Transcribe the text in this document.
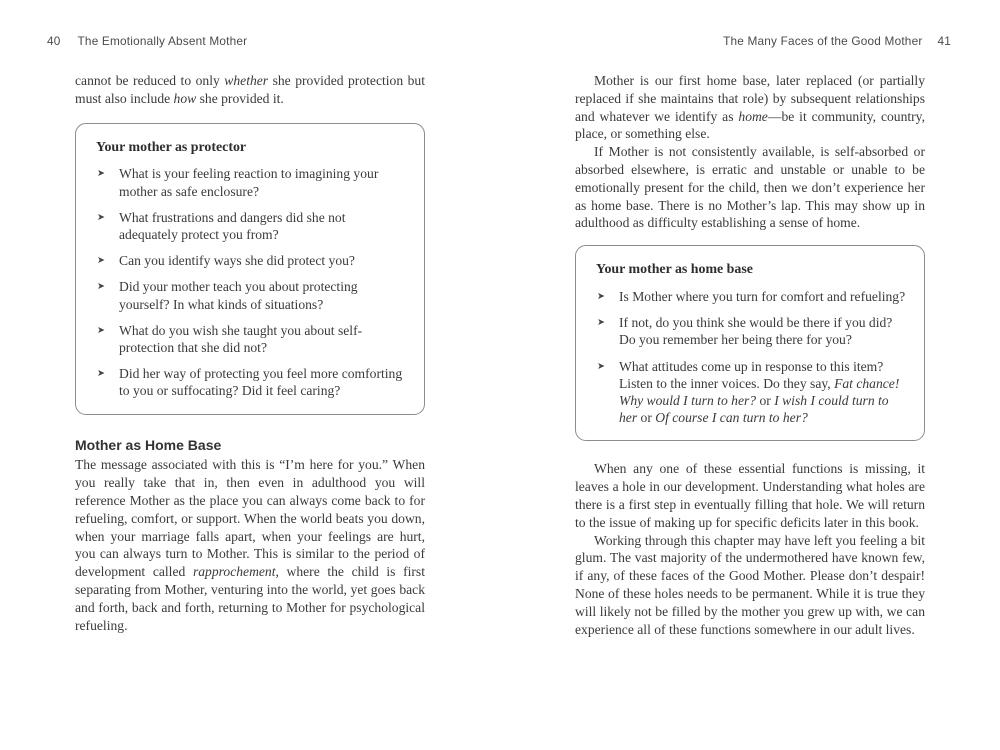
40 The Emotionally Absent Mother	The Many Faces of the Good Mother 41

cannot be reduced to only whether she provided protection but must also include how she provided it.

Your mother as protector
➤ What is your feeling reaction to imagining your mother as safe enclosure?
➤ What frustrations and dangers did she not adequately protect you from?
➤ Can you identify ways she did protect you?
➤ Did your mother teach you about protecting yourself? In what kinds of situations?
➤ What do you wish she taught you about self-protection that she did not?
➤ Did her way of protecting you feel more comforting to you or suffocating? Did it feel caring?
Mother as Home Base

The message associated with this is “I’m here for you.” When you really take that in, then even in adulthood you will reference Mother as the place you can always come back to for refueling, comfort, or support. When the world beats you down, when your marriage falls apart, when your feelings are hurt, you can always turn to Mother. This is similar to the period of development called rapprochement, where the child is first separating from Mother, venturing into the world, yet goes back and forth, back and forth, returning to Mother for psychological refueling.

Mother is our first home base, later replaced (or partially replaced if she maintains that role) by subsequent relationships and whatever we identify as home—be it community, country, place, or something else.

If Mother is not consistently available, is self-absorbed or absorbed elsewhere, is erratic and unstable or unable to be emotionally present for the child, then we don’t experience her as home base. There is no Mother’s lap. This may show up in adulthood as difficulty establishing a sense of home.

Your mother as home base
➤ Is Mother where you turn for comfort and refueling?
➤ If not, do you think she would be there if you did? Do you remember her being there for you?
➤ What attitudes come up in response to this item? Listen to the inner voices. Do they say, Fat chance! Why would I turn to her? or I wish I could turn to her or Of course I can turn to her?

When any one of these essential functions is missing, it leaves a hole in our development. Understanding what holes are there is a first step in eventually filling that hole. We will return to the issue of making up for specific deficits later in this book.

Working through this chapter may have left you feeling a bit glum. The vast majority of the undermothered have known few, if any, of these faces of the Good Mother. Please don’t despair! None of these holes needs to be permanent. While it is true they will likely not be filled by the mother you grew up with, we can experience all of these functions somewhere in our adult lives.
